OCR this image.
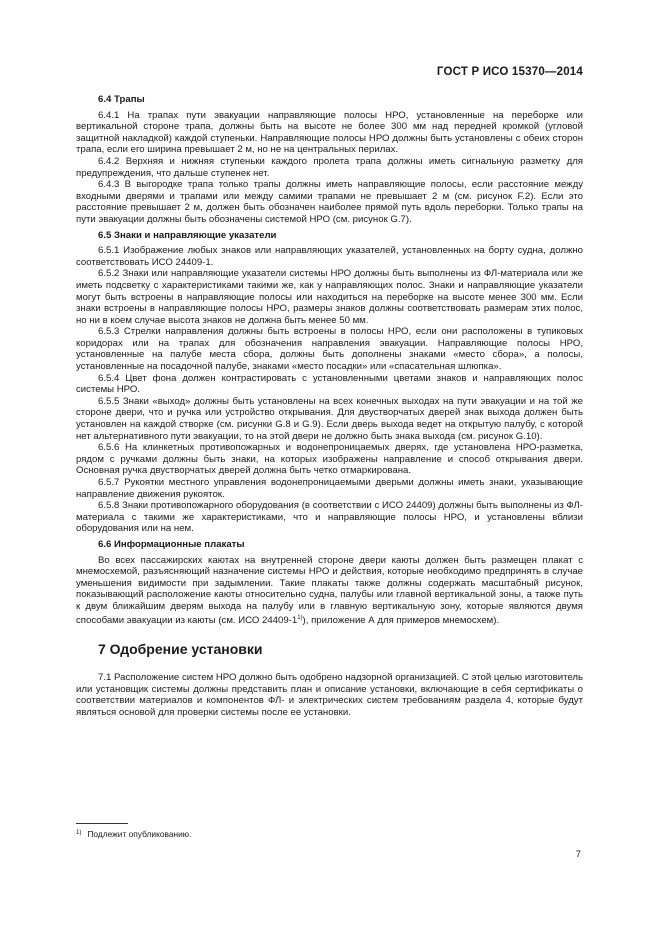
ГОСТ Р ИСО 15370—2014

6.4 Трапы

6.4.1 На трапах пути эвакуации направляющие полосы НРО, установленные на переборке или вертикальной стороне трапа, должны быть на высоте не более 300 мм над передней кромкой (угловой защитной накладкой) каждой ступеньки. Направляющие полосы НРО должны быть установлены с обеих сторон трапа, если его ширина превышает 2 м, но не на центральных перилах.

6.4.2 Верхняя и нижняя ступеньки каждого пролета трапа должны иметь сигнальную разметку для предупреждения, что дальше ступенек нет.

6.4.3 В выгородке трапа только трапы должны иметь направляющие полосы, если расстояние между входными дверями и трапами или между самими трапами не превышает 2 м (см. рисунок F.2). Если это расстояние превышает 2 м, должен быть обозначен наиболее прямой путь вдоль переборки. Только трапы на пути эвакуации должны быть обозначены системой НРО (см. рисунок G.7).

6.5 Знаки и направляющие указатели

6.5.1 Изображение любых знаков или направляющих указателей, установленных на борту судна, должно соответствовать ИСО 24409-1.

6.5.2 Знаки или направляющие указатели системы НРО должны быть выполнены из ФЛ-материала или же иметь подсветку с характеристиками такими же, как у направляющих полос. Знаки и направляющие указатели могут быть встроены в направляющие полосы или находиться на переборке на высоте менее 300 мм. Если знаки встроены в направляющие полосы НРО, размеры знаков должны соответствовать размерам этих полос, но ни в коем случае высота знаков не должна быть менее 50 мм.

6.5.3 Стрелки направления должны быть встроены в полосы НРО, если они расположены в тупиковых коридорах или на трапах для обозначения направления эвакуации. Направляющие полосы НРО, установленные на палубе места сбора, должны быть дополнены знаками «место сбора», а полосы, установленные на посадочной палубе, знаками «место посадки» или «спасательная шлюпка».

6.5.4 Цвет фона должен контрастировать с установленными цветами знаков и направляющих полос системы НРО.

6.5.5 Знаки «выход» должны быть установлены на всех конечных выходах на пути эвакуации и на той же стороне двери, что и ручка или устройство открывания. Для двустворчатых дверей знак выхода должен быть установлен на каждой створке (см. рисунки G.8 и G.9). Если дверь выхода ведет на открытую палубу, с которой нет альтернативного пути эвакуации, то на этой двери не должно быть знака выхода (см. рисунок G.10).

6.5.6 На клинкетных противопожарных и водонепроницаемых дверях, где установлена НРО-разметка, рядом с ручками должны быть знаки, на которых изображены направление и способ открывания двери. Основная ручка двустворчатых дверей должна быть четко отмаркирована.

6.5.7 Рукоятки местного управления водонепроницаемыми дверьми должны иметь знаки, указывающие направление движения рукояток.

6.5.8 Знаки противопожарного оборудования (в соответствии с ИСО 24409) должны быть выполнены из ФЛ-материала с такими же характеристиками, что и направляющие полосы НРО, и установлены вблизи оборудования или на нем.

6.6 Информационные плакаты

Во всех пассажирских каютах на внутренней стороне двери каюты должен быть размещен плакат с мнемосхемой, разъясняющий назначение системы НРО и действия, которые необходимо предпринять в случае уменьшения видимости при задымлении. Такие плакаты также должны содержать масштабный рисунок, показывающий расположение каюты относительно судна, палубы или главной вертикальной зоны, а также путь к двум ближайшим дверям выхода на палубу или в главную вертикальную зону, которые являются двумя способами эвакуации из каюты (см. ИСО 24409-1$^{1)}$), приложение А для примеров мнемосхем).

7 Одобрение установки

7.1 Расположение систем НРО должно быть одобрено надзорной организацией. С этой целью изготовитель или установщик системы должны представить план и описание установки, включающие в себя сертификаты о соответствии материалов и компонентов ФЛ- и электрических систем требованиям раздела 4, которые будут являться основой для проверки системы после ее установки.

$^{1)}$ Подлежит опубликованию.
7
